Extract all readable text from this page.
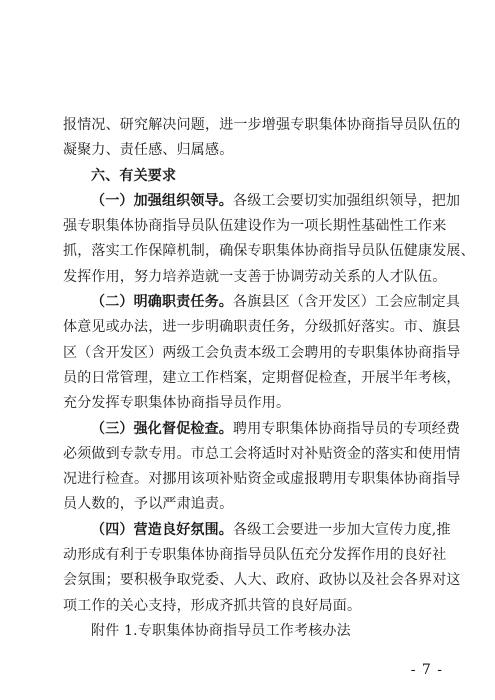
报情况、研究解决问题，进一步增强专职集体协商指导员队伍的
凝聚力、责任感、归属感。
六、有关要求
（一）加强组织领导。各级工会要切实加强组织领导，把加
强专职集体协商指导员队伍建设作为一项长期性基础性工作来
抓，落实工作保障机制，确保专职集体协商指导员队伍健康发展、
发挥作用，努力培养造就一支善于协调劳动关系的人才队伍。
（二）明确职责任务。各旗县区（含开发区）工会应制定具
体意见或办法，进一步明确职责任务，分级抓好落实。市、旗县
区（含开发区）两级工会负责本级工会聘用的专职集体协商指导
员的日常管理，建立工作档案，定期督促检查，开展半年考核，
充分发挥专职集体协商指导员作用。
（三）强化督促检查。聘用专职集体协商指导员的专项经费
必须做到专款专用。市总工会将适时对补贴资金的落实和使用情
况进行检查。对挪用该项补贴资金或虚报聘用专职集体协商指导
员人数的，予以严肃追责。
（四）营造良好氛围。各级工会要进一步加大宣传力度,推
动形成有利于专职集体协商指导员队伍充分发挥作用的良好社
会氛围；要积极争取党委、人大、政府、政协以及社会各界对这
项工作的关心支持，形成齐抓共管的良好局面。
附件 1.专职集体协商指导员工作考核办法
- 7 -
